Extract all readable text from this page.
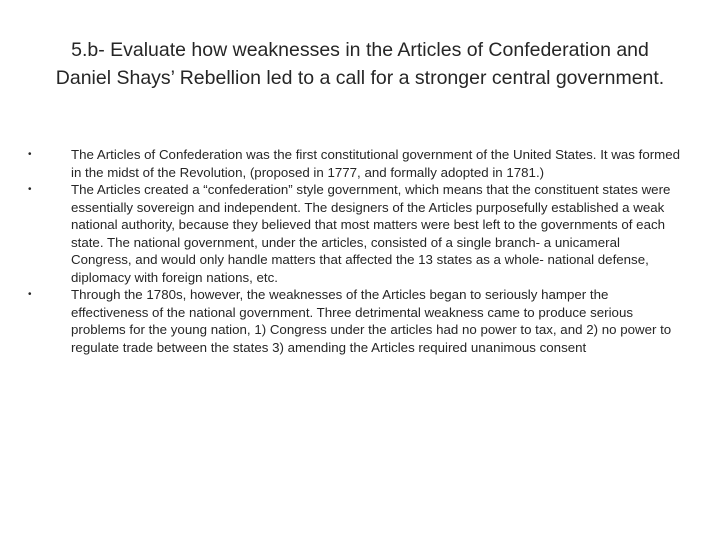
5.b- Evaluate how weaknesses in the Articles of Confederation and
Daniel Shays’ Rebellion led to a call for a stronger central government.
•	The Articles of Confederation was the first constitutional government of the United States. It was formed in the midst of the Revolution, (proposed in 1777, and formally adopted in 1781.)
•	The Articles created a “confederation” style government, which means that the constituent states were essentially sovereign and independent. The designers of the Articles purposefully established a weak national authority, because they believed that most matters were best left to the governments of each state. The national government, under the articles, consisted of a single branch- a unicameral Congress, and would only handle matters that affected the 13 states as a whole- national defense, diplomacy with foreign nations, etc.
•	Through the 1780s, however, the weaknesses of the Articles began to seriously hamper the effectiveness of the national government. Three detrimental weakness came to produce serious problems for the young nation, 1) Congress under the articles had no power to tax, and 2) no power to regulate trade between the states 3) amending the Articles required unanimous consent
